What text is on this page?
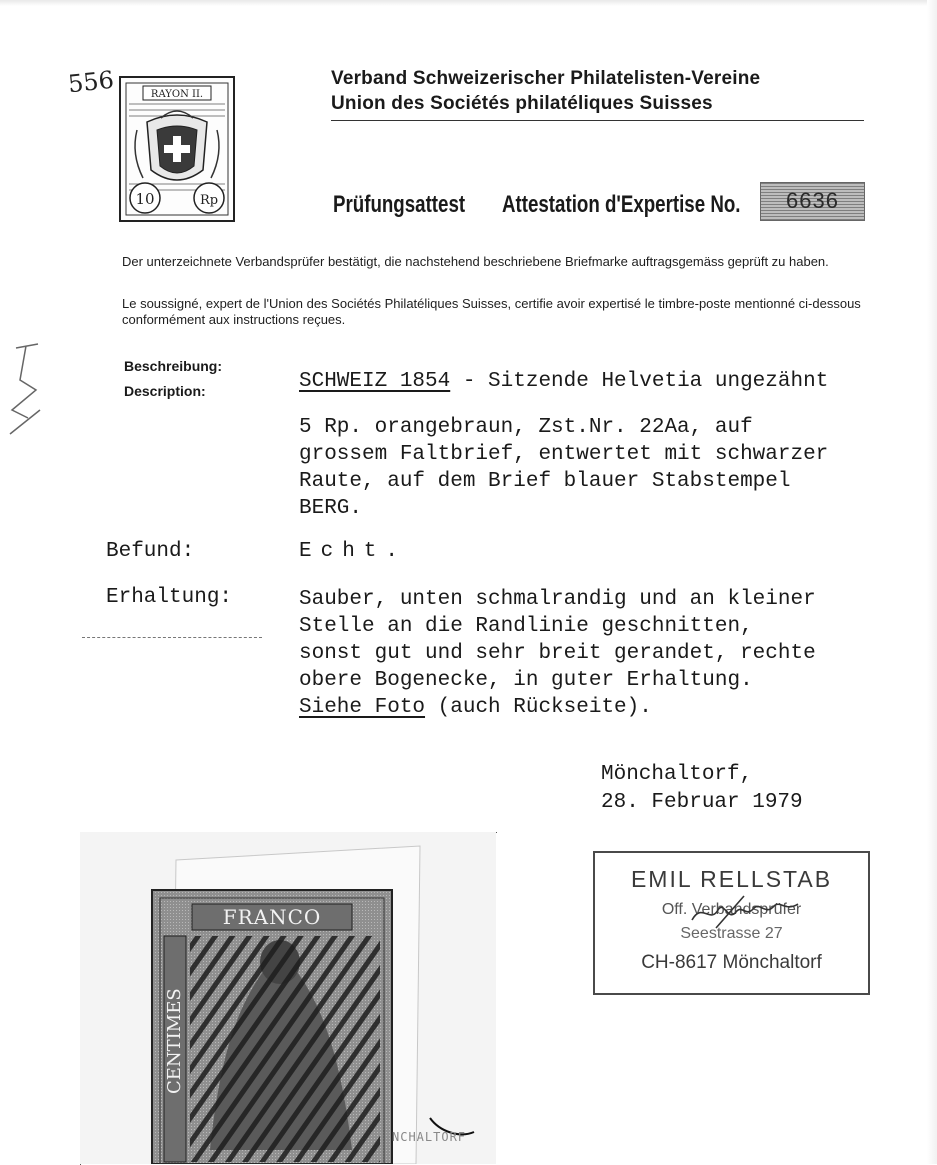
556	RAYON II.
10	Rp
Verband Schweizerischer Philatelisten-Vereine
Union des Sociétés philatéliques Suisses
Prüfungsattest Attestation d'Expertise No.	6636
Der unterzeichnete Verbandsprüfer bestätigt, die nachstehend beschriebene Briefmarke auftragsgemäss geprüft zu haben.
Le soussigné, expert de l'Union des Sociétés Philatéliques Suisses, certifie avoir expertisé le timbre-poste mentionné ci-dessous conformément aux instructions reçues.
Beschreibung:
Description:	SCHWEIZ 1854 - Sitzende Helvetia ungezähnt
5 Rp. orangebraun, Zst.Nr. 22Aa, auf
grossem Faltbrief, entwertet mit schwarzer
Raute, auf dem Brief blauer Stabstempel
BERG.
Befund:	Echt.
Erhaltung:	Sauber, unten schmalrandig und an kleiner
Stelle an die Randlinie geschnitten,
sonst gut und sehr breit gerandet, rechte
obere Bogenecke, in guter Erhaltung.
Siehe Foto (auch Rückseite).
Mönchaltorf,
28. Februar 1979
EMIL RELLSTAB
Off. Verbandsprüfer
Seestrasse 27
CH-8617 Mönchaltorf
FRANCO
CENTIMES
NCHALTORF
